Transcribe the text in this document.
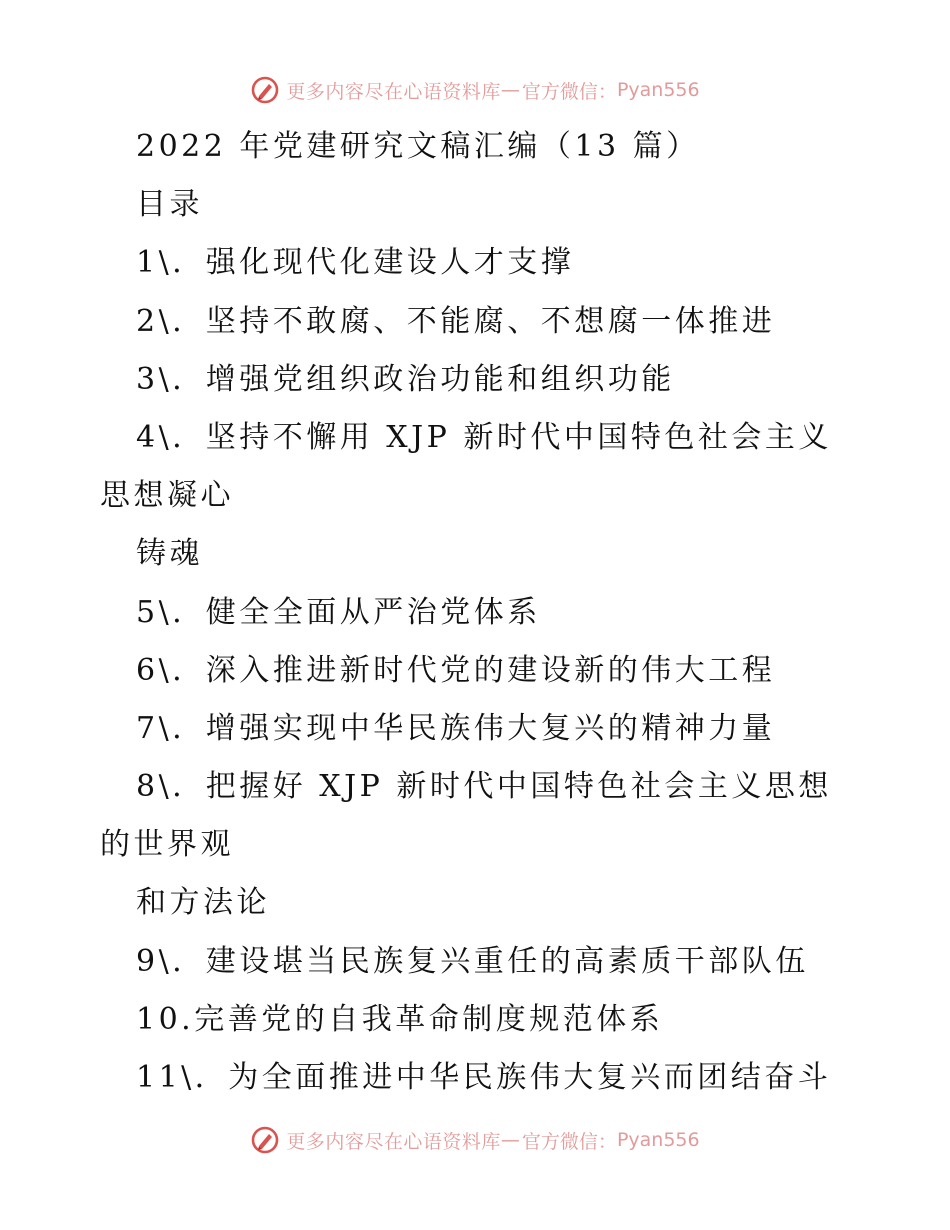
更多内容尽在心语资料库 — 官方微信： Pyan556
2022 年党建研究文稿汇编（13 篇）
目录
1\．强化现代化建设人才支撑
2\．坚持不敢腐、不能腐、不想腐一体推进
3\．增强党组织政治功能和组织功能
4\．坚持不懈用 XJP 新时代中国特色社会主义
思想凝心
铸魂
5\．健全全面从严治党体系
6\．深入推进新时代党的建设新的伟大工程
7\．增强实现中华民族伟大复兴的精神力量
8\．把握好 XJP 新时代中国特色社会主义思想
的世界观
和方法论
9\．建设堪当民族复兴重任的高素质干部队伍
10.完善党的自我革命制度规范体系
11\．为全面推进中华民族伟大复兴而团结奋斗
更多内容尽在心语资料库 — 官方微信： Pyan556
